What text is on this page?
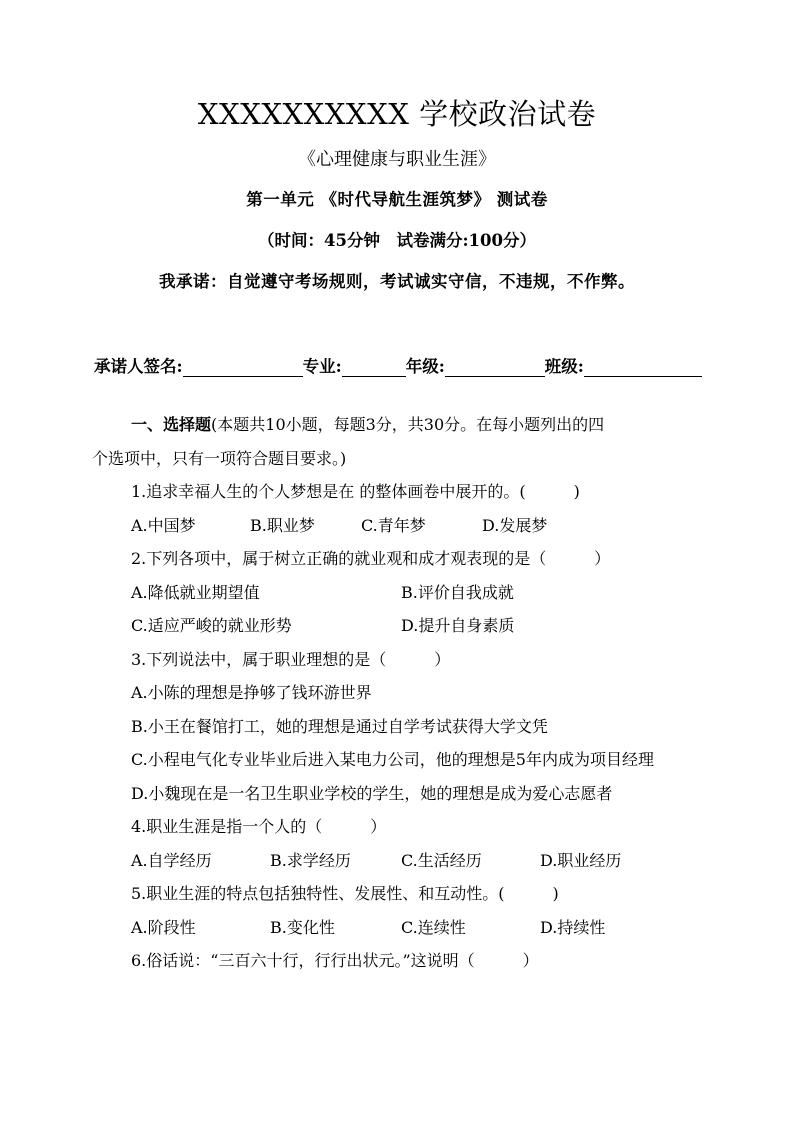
XXXXXXXXXX 学校政治试卷
《心理健康与职业生涯》
第一单元 《时代导航生涯筑梦》 测试卷
（时间：45分钟　试卷满分:100分）
我承诺：自觉遵守考场规则，考试诚实守信，不违规，不作弊。
承诺人签名:	专业:	年级:	班级:
一、选择题(本题共10小题，每题3分，共30分。在每小题列出的四
个选项中，只有一项符合题目要求。)
1.追求幸福人生的个人梦想是在 的整体画卷中展开的。(　　　)
A.中国梦	B.职业梦	C.青年梦	D.发展梦
2.下列各项中，属于树立正确的就业观和成才观表现的是（　　　）
A.降低就业期望值	B.评价自我成就
C.适应严峻的就业形势	D.提升自身素质
3.下列说法中，属于职业理想的是（　　　）
A.小陈的理想是挣够了钱环游世界
B.小王在餐馆打工，她的理想是通过自学考试获得大学文凭
C.小程电气化专业毕业后进入某电力公司，他的理想是5年内成为项目经理
D.小魏现在是一名卫生职业学校的学生，她的理想是成为爱心志愿者
4.职业生涯是指一个人的（　　　）
A.自学经历	B.求学经历	C.生活经历	D.职业经历
5.职业生涯的特点包括独特性、发展性、和互动性。(　　　)
A.阶段性	B.变化性	C.连续性	D.持续性
6.俗话说：“三百六十行，行行出状元。”这说明（　　　）
